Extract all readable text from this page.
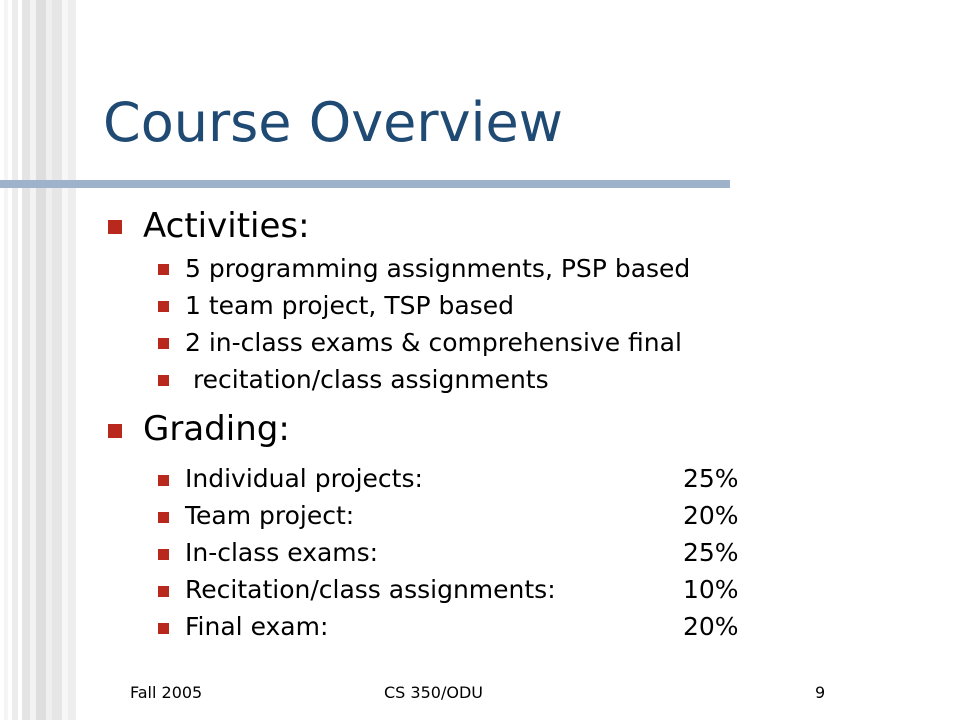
Course Overview
Activities:
5 programming assignments, PSP based
1 team project, TSP based
2 in-class exams & comprehensive final
recitation/class assignments
Grading:
Individual projects:	25%
Team project:	20%
In-class exams:	25%
Recitation/class assignments:	10%
Final exam:	20%
Fall 2005	CS 350/ODU	9
